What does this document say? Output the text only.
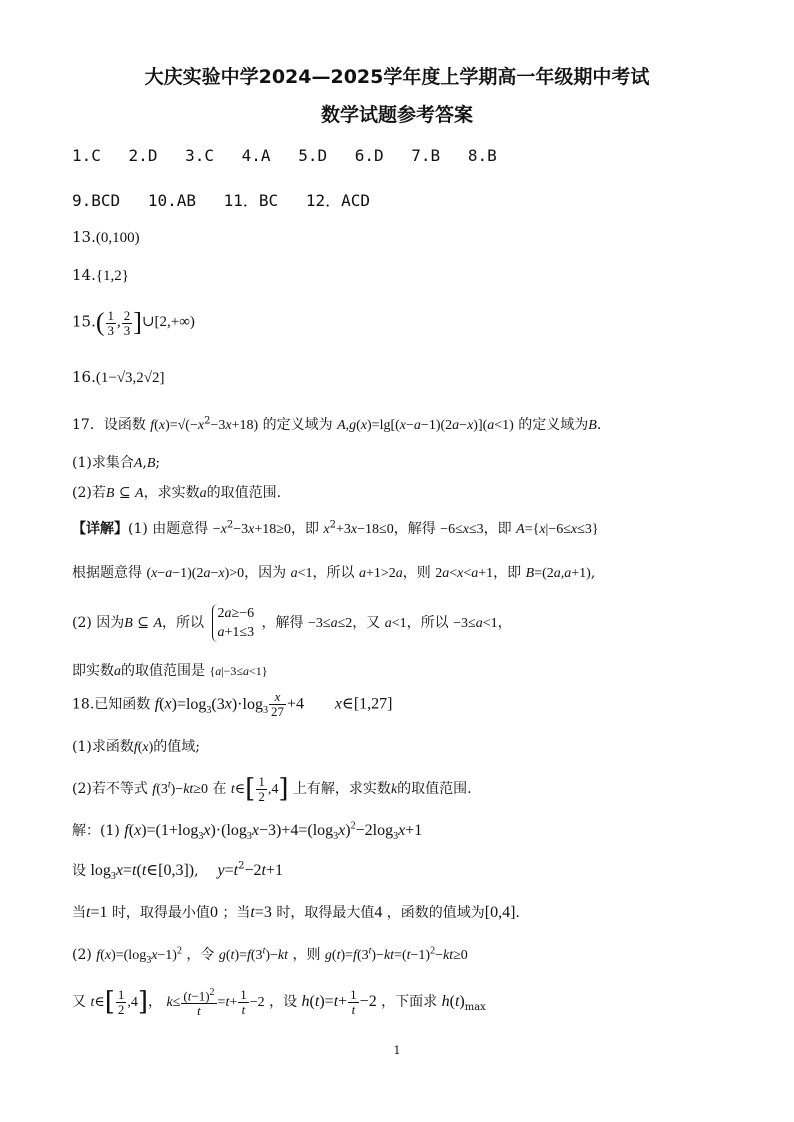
大庆实验中学2024—2025学年度上学期高一年级期中考试
数学试题参考答案
1.C 2.D 3.C 4.A 5.D 6.D 7.B 8.B
9.BCD 10.AB 11．BC 12．ACD
13.(0,100)
14.{1,2}
$15.( \frac{1}{3}$ , $\frac{2}{3}$ ]∪[2,+∞)
16.(1−√3,2√2]
17．设函数 $f(x)=√(-x^2-3x+18)$ 的定义域为 A,g(x)=lg[(x−a−1)(2a−x)](a<1) 的定义域为B.
(1)求集合A,B;
(2)若B ⊆ A，求实数a的取值范围.
【详解】(1) 由题意得 $-x^2-3x+18\ge 0$，即 $x^2+3x-18\le 0$，解得 −6≤x≤3，即 A={x|−6≤x≤3}
根据题意得 (x−a−1)(2a−x)>0，因为 a<1，所以 a+1>2a，则 2a<x<a+1，即 B=(2a,a+1),
(2) 因为B ⊆ A，所以 2a≥−6
a+1≤3 ，解得 −3≤a≤2，又 a<1，所以 −3≤a<1，
即实数a的取值范围是 {a|−3≤a<1}
18.已知函数 $f(x)=\log_3(3x)\cdot\log_3 \frac{x}{27} +4$ x∈[1,27]
(1)求函数f(x)的值域;
(2)若不等式 $f(3^t)-kt\ge 0$ 在 t∈[ $\frac{1}{2} ,4$] 上有解，求实数k的取值范围.
解：(1) $f(x)=(1+\log_3x)\cdot(\log_3x-3)+4=(\log_3x)^2-2\log_3x+1$
设 $\log_3x=t(t\in[0,3])$,  $y=t^2-2t+1$
当t=1 时，取得最小值0 ；当t=3 时，取得最大值4 ，函数的值域为[0,4].
(2) $f(x)=(\log_3x-1)^2$ ，令 $g(t)=f(3^t)-kt$ ，则 $g(t)=f(3^t)-kt=(t-1)^2-kt\ge 0$
又 t∈[ $\frac{1}{2} ,4$]， $k\le \frac{(t-1)^2}{t} =t+ \frac{1}{t} -2$ ，设 $h(t)=t+ \frac{1}{t} -2$ ，下面求 $h(t)_{max}$
1
